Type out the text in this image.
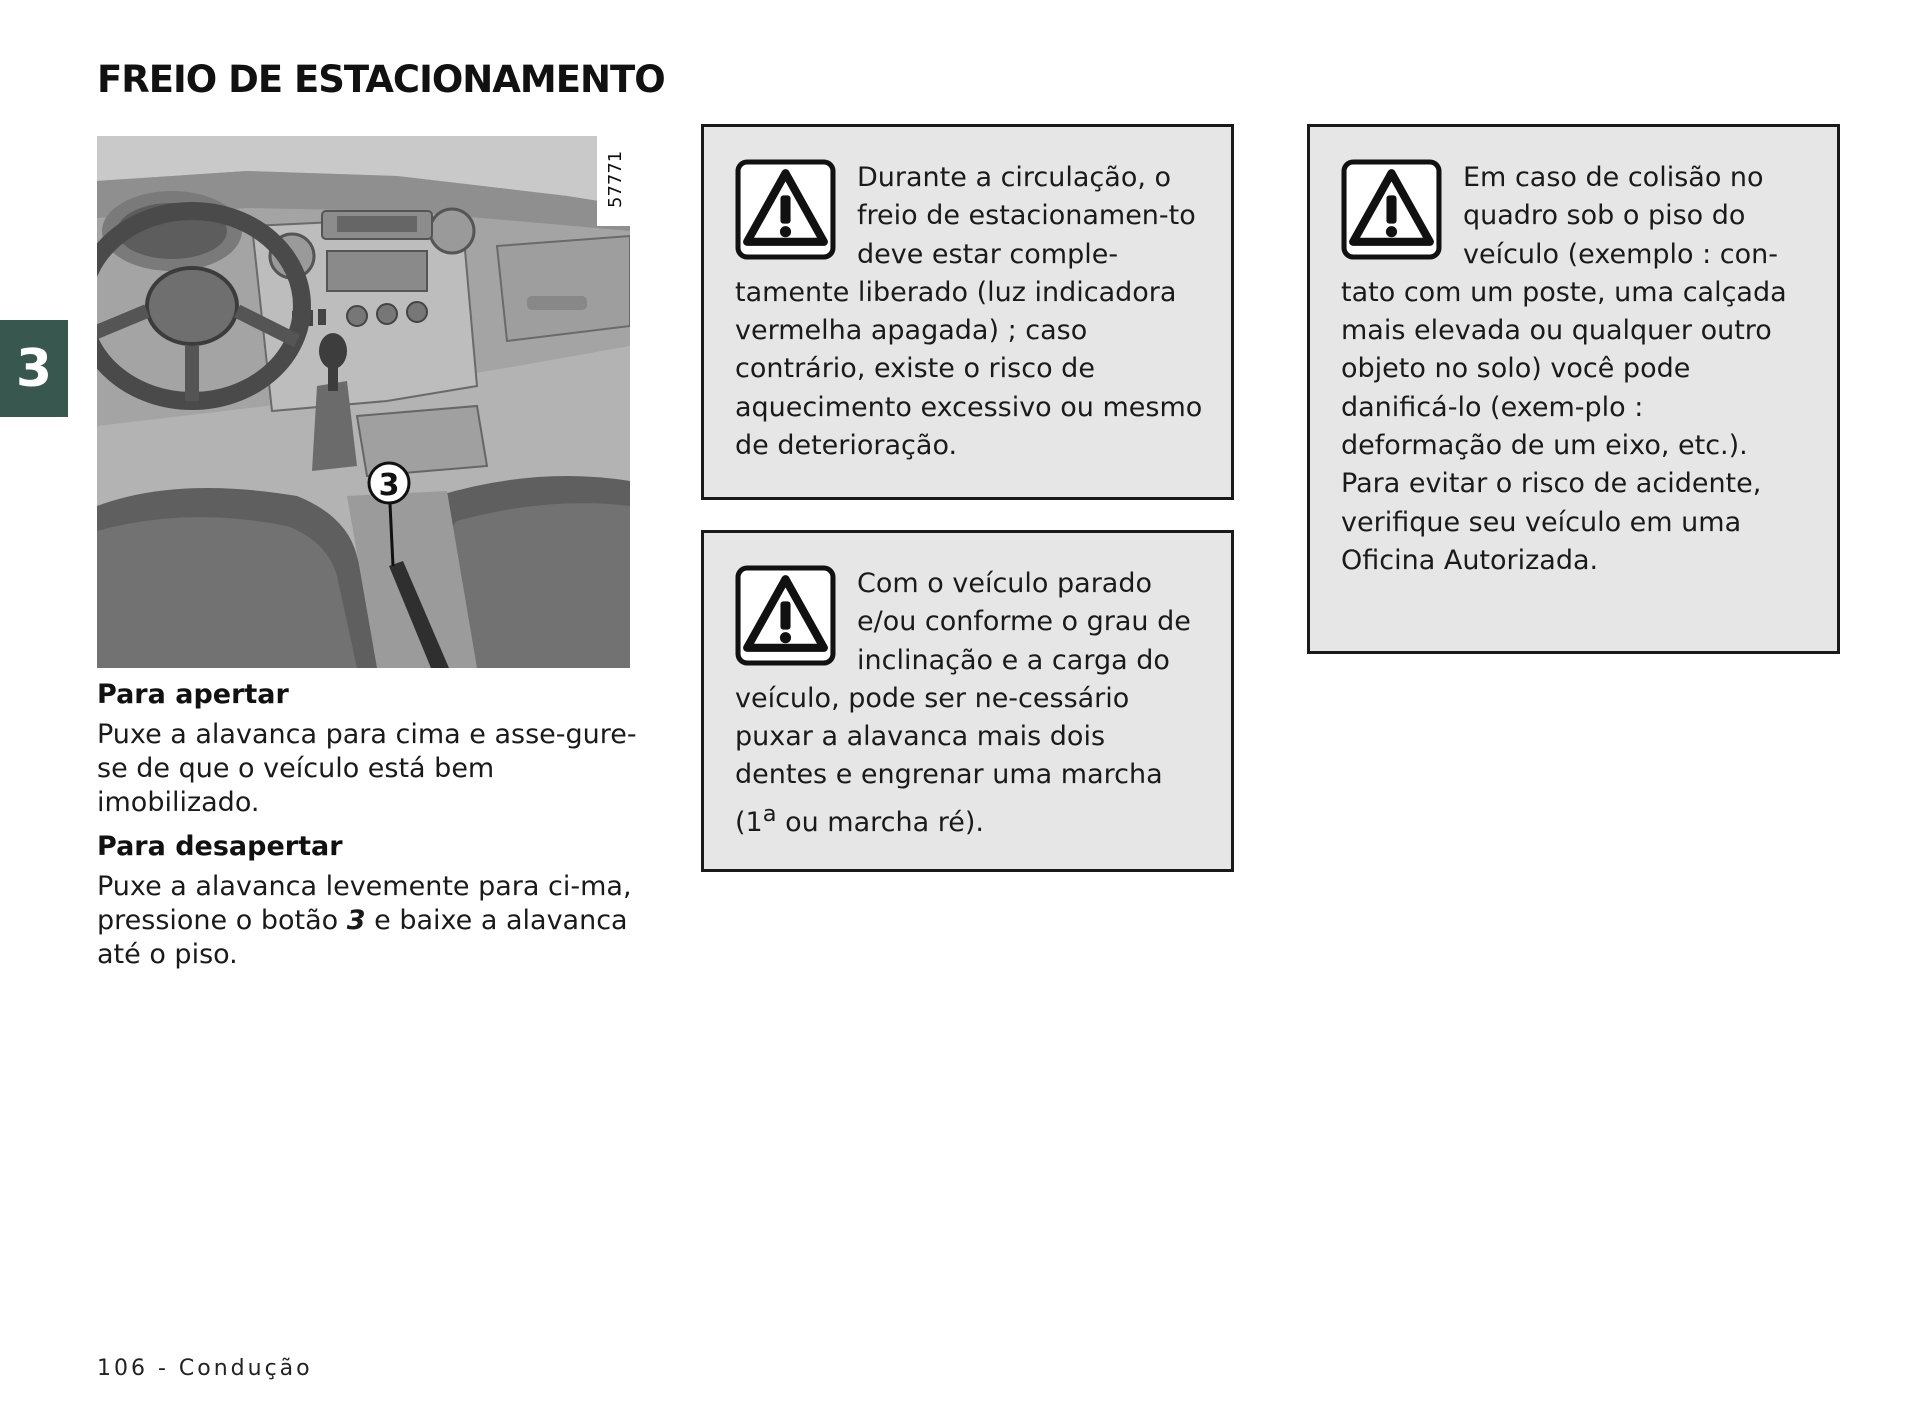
FREIO DE ESTACIONAMENTO
3
3
57771
Para apertar

Puxe a alavanca para cima e asse-gure-se de que o veículo está bem imobilizado.

Para desapertar

Puxe a alavanca levemente para ci-ma, pressione o botão 3 e baixe a alavanca até o piso.

Durante a circulação, o freio de estacionamen-to deve estar comple-tamente liberado (luz indicadora vermelha apagada) ; caso contrário, existe o risco de aquecimento excessivo ou mesmo de deterioração.

Com o veículo parado e/ou conforme o grau de inclinação e a carga do veículo, pode ser ne-cessário puxar a alavanca mais dois dentes e engrenar uma marcha (1$^a$ ou marcha ré).

Em caso de colisão no quadro sob o piso do veículo (exemplo : con-tato com um poste, uma calçada mais elevada ou qualquer outro objeto no solo) você pode danificá-lo (exem-plo : deformação de um eixo, etc.).

Para evitar o risco de acidente, verifique seu veículo em uma Oficina Autorizada.

106 - Condução
